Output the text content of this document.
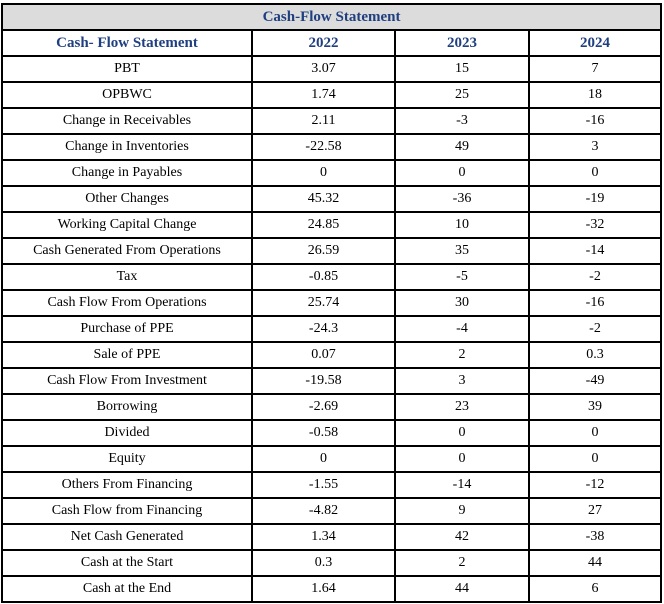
Cash-Flow Statement			
Cash- Flow Statement	2022	2023	2024
PBT	3.07	15	7
OPBWC	1.74	25	18
Change in Receivables	2.11	-3	-16
Change in Inventories	-22.58	49	3
Change in Payables	0	0	0
Other Changes	45.32	-36	-19
Working Capital Change	24.85	10	-32
Cash Generated From Operations	26.59	35	-14
Tax	-0.85	-5	-2
Cash Flow From Operations	25.74	30	-16
Purchase of PPE	-24.3	-4	-2
Sale of PPE	0.07	2	0.3
Cash Flow From Investment	-19.58	3	-49
Borrowing	-2.69	23	39
Divided	-0.58	0	0
Equity	0	0	0
Others From Financing	-1.55	-14	-12
Cash Flow from Financing	-4.82	9	27
Net Cash Generated	1.34	42	-38
Cash at the Start	0.3	2	44
Cash at the End	1.64	44	6
